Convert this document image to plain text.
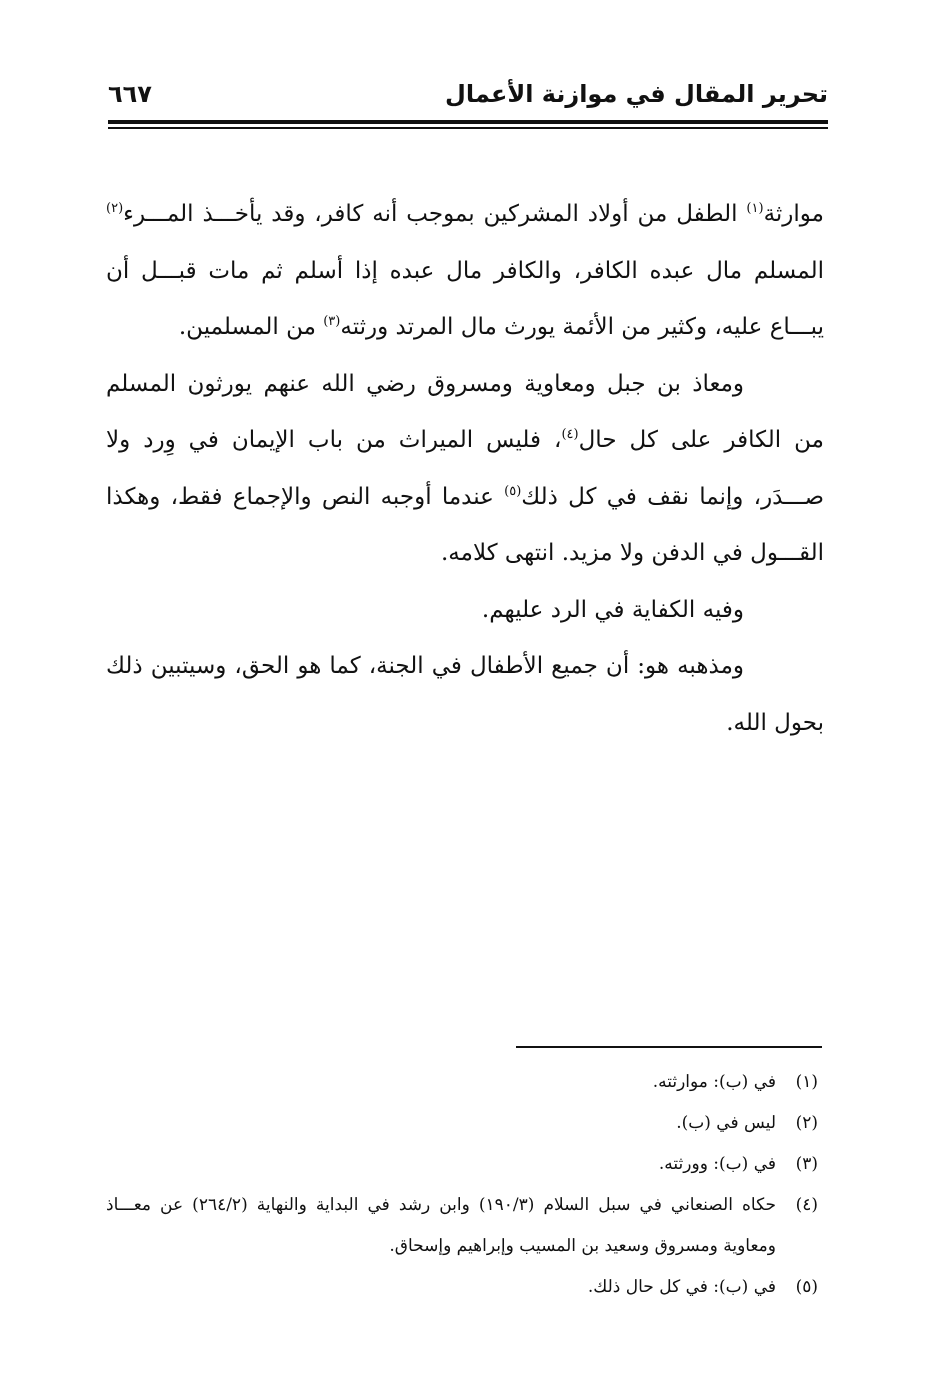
تحرير المقال في موازنة الأعمال
٦٦٧

موارثة$^{(١)}$ الطفل من أولاد المشركين بموجب أنه كافر، وقد يأخـــذ المـــرء$^{(٢)}$ المسلم مال عبده الكافر، والكافر مال عبده إذا أسلم ثم مات قبـــل أن يبـــاع عليه، وكثير من الأئمة يورث مال المرتد ورثته$^{(٣)}$ من المسلمين.

ومعاذ بن جبل ومعاوية ومسروق رضي الله عنهم يورثون المسلم من الكافر على كل حال$^{(٤)}$، فليس الميراث من باب الإيمان في وِرد ولا صـــدَر، وإنما نقف في كل ذلك$^{(٥)}$ عندما أوجبه النص والإجماع فقط، وهكذا القـــول في الدفن ولا مزيد. انتهى كلامه.

وفيه الكفاية في الرد عليهم.

ومذهبه هو: أن جميع الأطفال في الجنة، كما هو الحق، وسيتبين ذلك بحول الله.

(١)
في (ب): موارثته.

(٢)
ليس في (ب).

(٣)
في (ب): وورثته.

(٤)
حكاه الصنعاني في سبل السلام (١٩٠/٣) وابن رشد في البداية والنهاية (٢٦٤/٢) عن معـــاذ ومعاوية ومسروق وسعيد بن المسيب وإبراهيم وإسحاق.

(٥)
في (ب): في كل حال ذلك.
